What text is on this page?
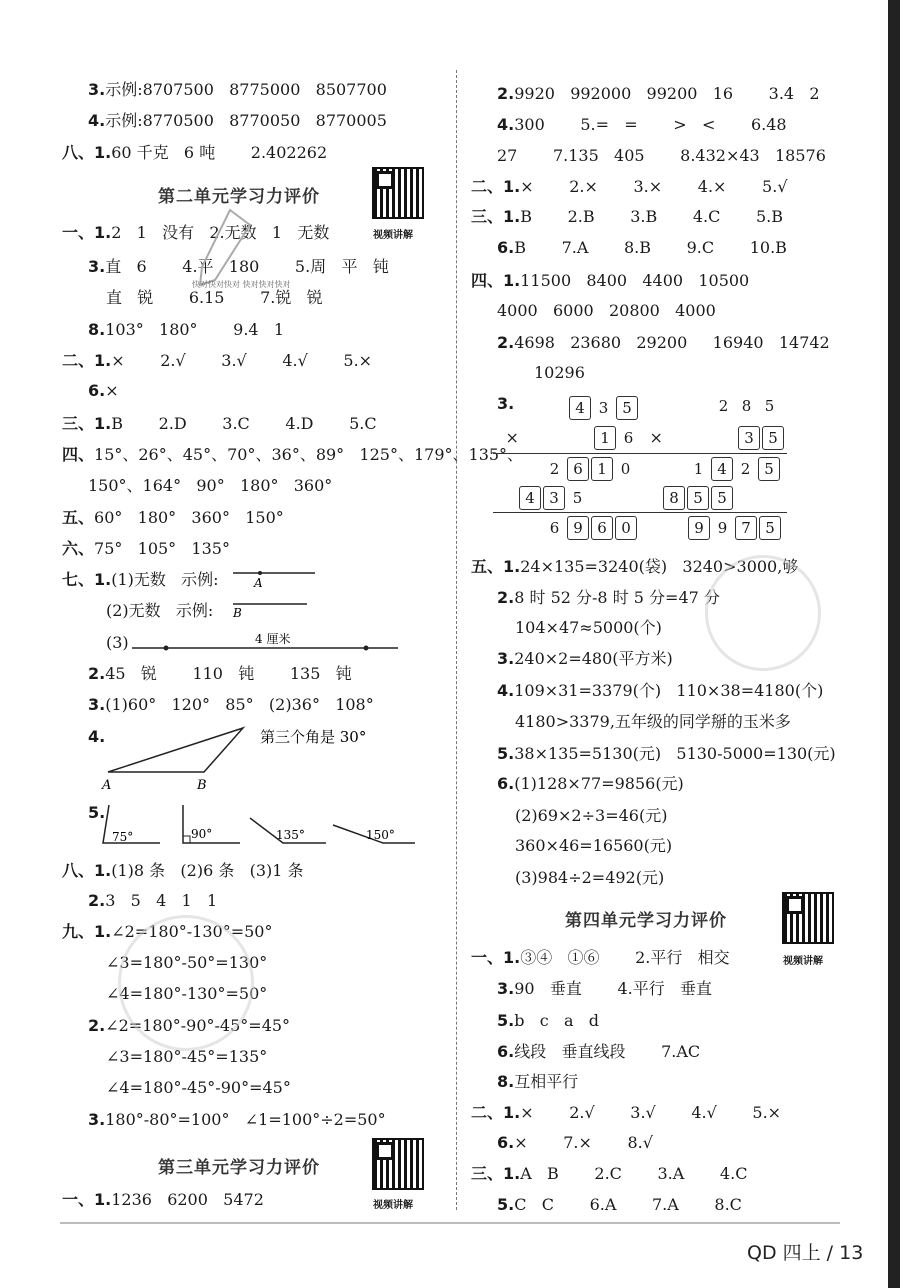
3.示例:8707500   8775000   8507700
4.示例:8770500   8770050   8770005
八、1.60 千克   6 吨       2.402262
一、1.2   1   没有   2.无数   1   无数
3.直   6       4.平   180       5.周   平   钝
直   锐       6.15       7.锐   锐
8.103°   180°       9.4   1
二、1.×       2.√       3.√       4.√       5.×
6.×
三、1.B       2.D       3.C       4.D       5.C
四、15°、26°、45°、70°、36°、89°   125°、179°、135°、
150°、164°   90°   180°   360°
五、60°   180°   360°   150°
六、75°   105°   135°
七、1.(1)无数   示例:
(2)无数   示例:
(3)
2.45   锐       110   钝       135   钝
3.(1)60°   120°   85°   (2)36°   108°
4.
5.
八、1.(1)8 条   (2)6 条   (3)1 条
2.3   5   4   1   1
九、1.∠2=180°-130°=50°
∠3=180°-50°=130°
∠4=180°-130°=50°
2.∠2=180°-90°-45°=45°
∠3=180°-45°=135°
∠4=180°-45°-90°=45°
3.180°-80°=100°   ∠1=100°÷2=50°
一、1.1236   6200   5472
2.9920   992000   99200   16       3.4   2
4.300       5.=   =       >   <       6.48
27       7.135   405       8.432×43   18576
二、1.×       2.×       3.×       4.×       5.√
三、1.B       2.B       3.B       4.C       5.B
6.B       7.A       8.B       9.C       10.B
四、1.11500   8400   4400   10500
4000   6000   20800   4000
2.4698   23680   29200     16940   14742
10296
3.
五、1.24×135=3240(袋)   3240>3000,够
2.8 时 52 分-8 时 5 分=47 分
104×47≈5000(个)
3.240×2=480(平方米)
4.109×31=3379(个)   110×38=4180(个)
4180>3379,五年级的同学掰的玉米多
5.38×135=5130(元)   5130-5000=130(元)
6.(1)128×77=9856(元)
(2)69×2÷3=46(元)
360×46=16560(元)
(3)984÷2=492(元)
一、1.③④   ①⑥       2.平行   相交
3.90   垂直       4.平行   垂直
5.b   c   a   d
6.线段   垂直线段       7.AC
8.互相平行
二、1.×       2.√       3.√       4.√       5.×
6.×       7.×       8.√
三、1.A   B       2.C       3.A       4.C
5.C   C       6.A       7.A       8.C
QD 四上 / 13
第二单元学习力评价
第三单元学习力评价
第四单元学习力评价
视频讲解
视频讲解
视频讲解
快对快对快对 快对快对快对
A
B
4 厘米
A	B
第三个角是 30°
75°	90°	135°	150°
4 3 5
×	1 6
2 6 1 0
4 3 5
6 9 6 0
2 8 5
×	3 5
1 4 2 5
8 5 5
9 9 7 5
